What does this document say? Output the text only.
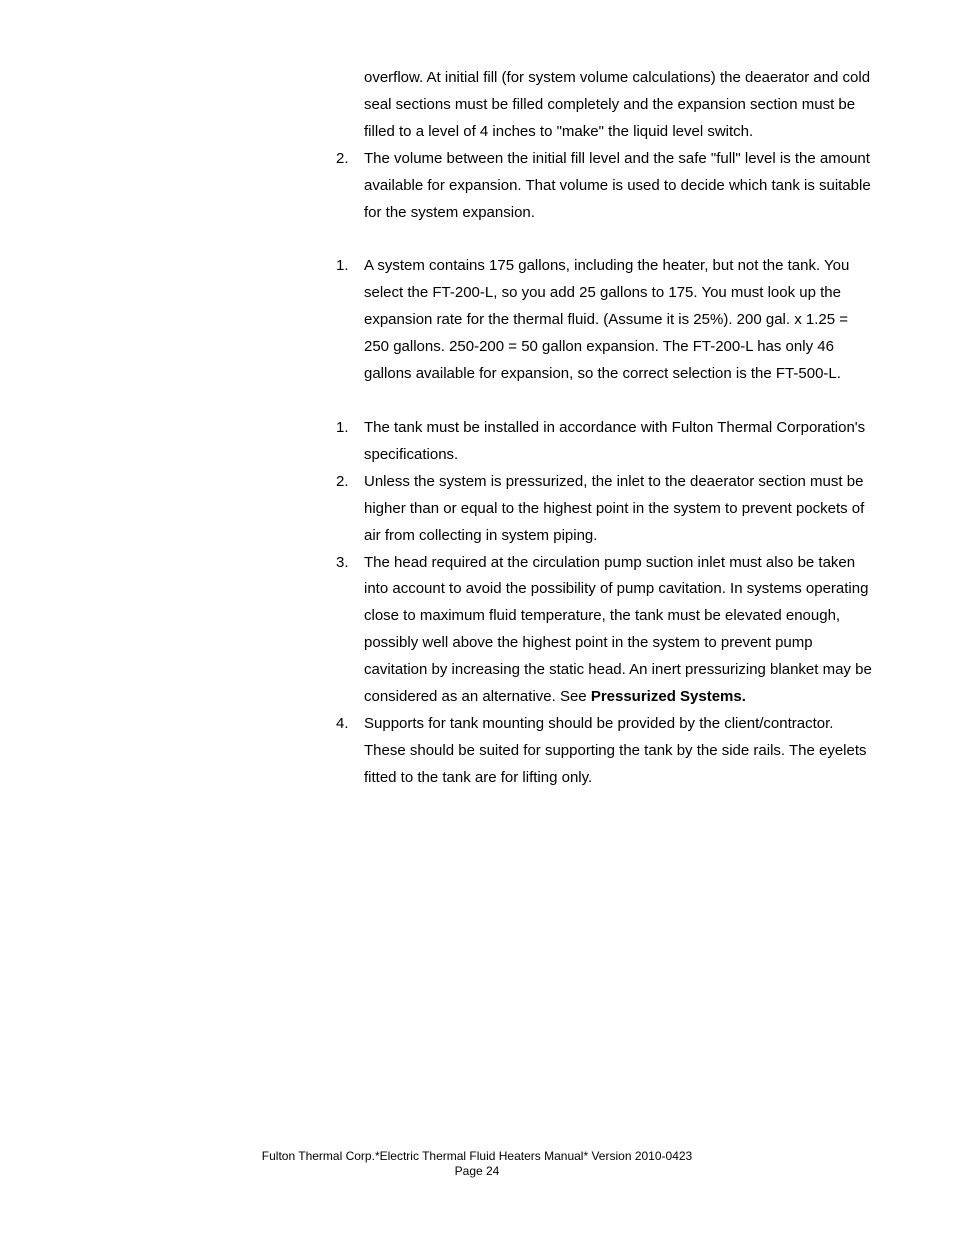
overflow. At initial fill (for system volume calculations) the deaerator and cold seal sections must be filled completely and the expansion section must be filled to a level of 4 inches to "make" the liquid level switch.

2.	The volume between the initial fill level and the safe "full" level is the amount available for expansion. That volume is used to decide which tank is suitable for the system expansion.
1.	A system contains 175 gallons, including the heater, but not the tank. You select the FT-200-L, so you add 25 gallons to 175. You must look up the expansion rate for the thermal fluid. (Assume it is 25%). 200 gal. x 1.25 = 250 gallons. 250-200 = 50 gallon expansion. The FT-200-L has only 46 gallons available for expansion, so the correct selection is the FT-500-L.
1.	The tank must be installed in accordance with Fulton Thermal Corporation's specifications.
2.	Unless the system is pressurized, the inlet to the deaerator section must be higher than or equal to the highest point in the system to prevent pockets of air from collecting in system piping.
3.	The head required at the circulation pump suction inlet must also be taken into account to avoid the possibility of pump cavitation. In systems operating close to maximum fluid temperature, the tank must be elevated enough, possibly well above the highest point in the system to prevent pump cavitation by increasing the static head. An inert pressurizing blanket may be considered as an alternative. See Pressurized Systems.
4.	Supports for tank mounting should be provided by the client/contractor. These should be suited for supporting the tank by the side rails. The eyelets fitted to the tank are for lifting only.
Fulton Thermal Corp.*Electric Thermal Fluid Heaters Manual* Version 2010-0423
Page 24
